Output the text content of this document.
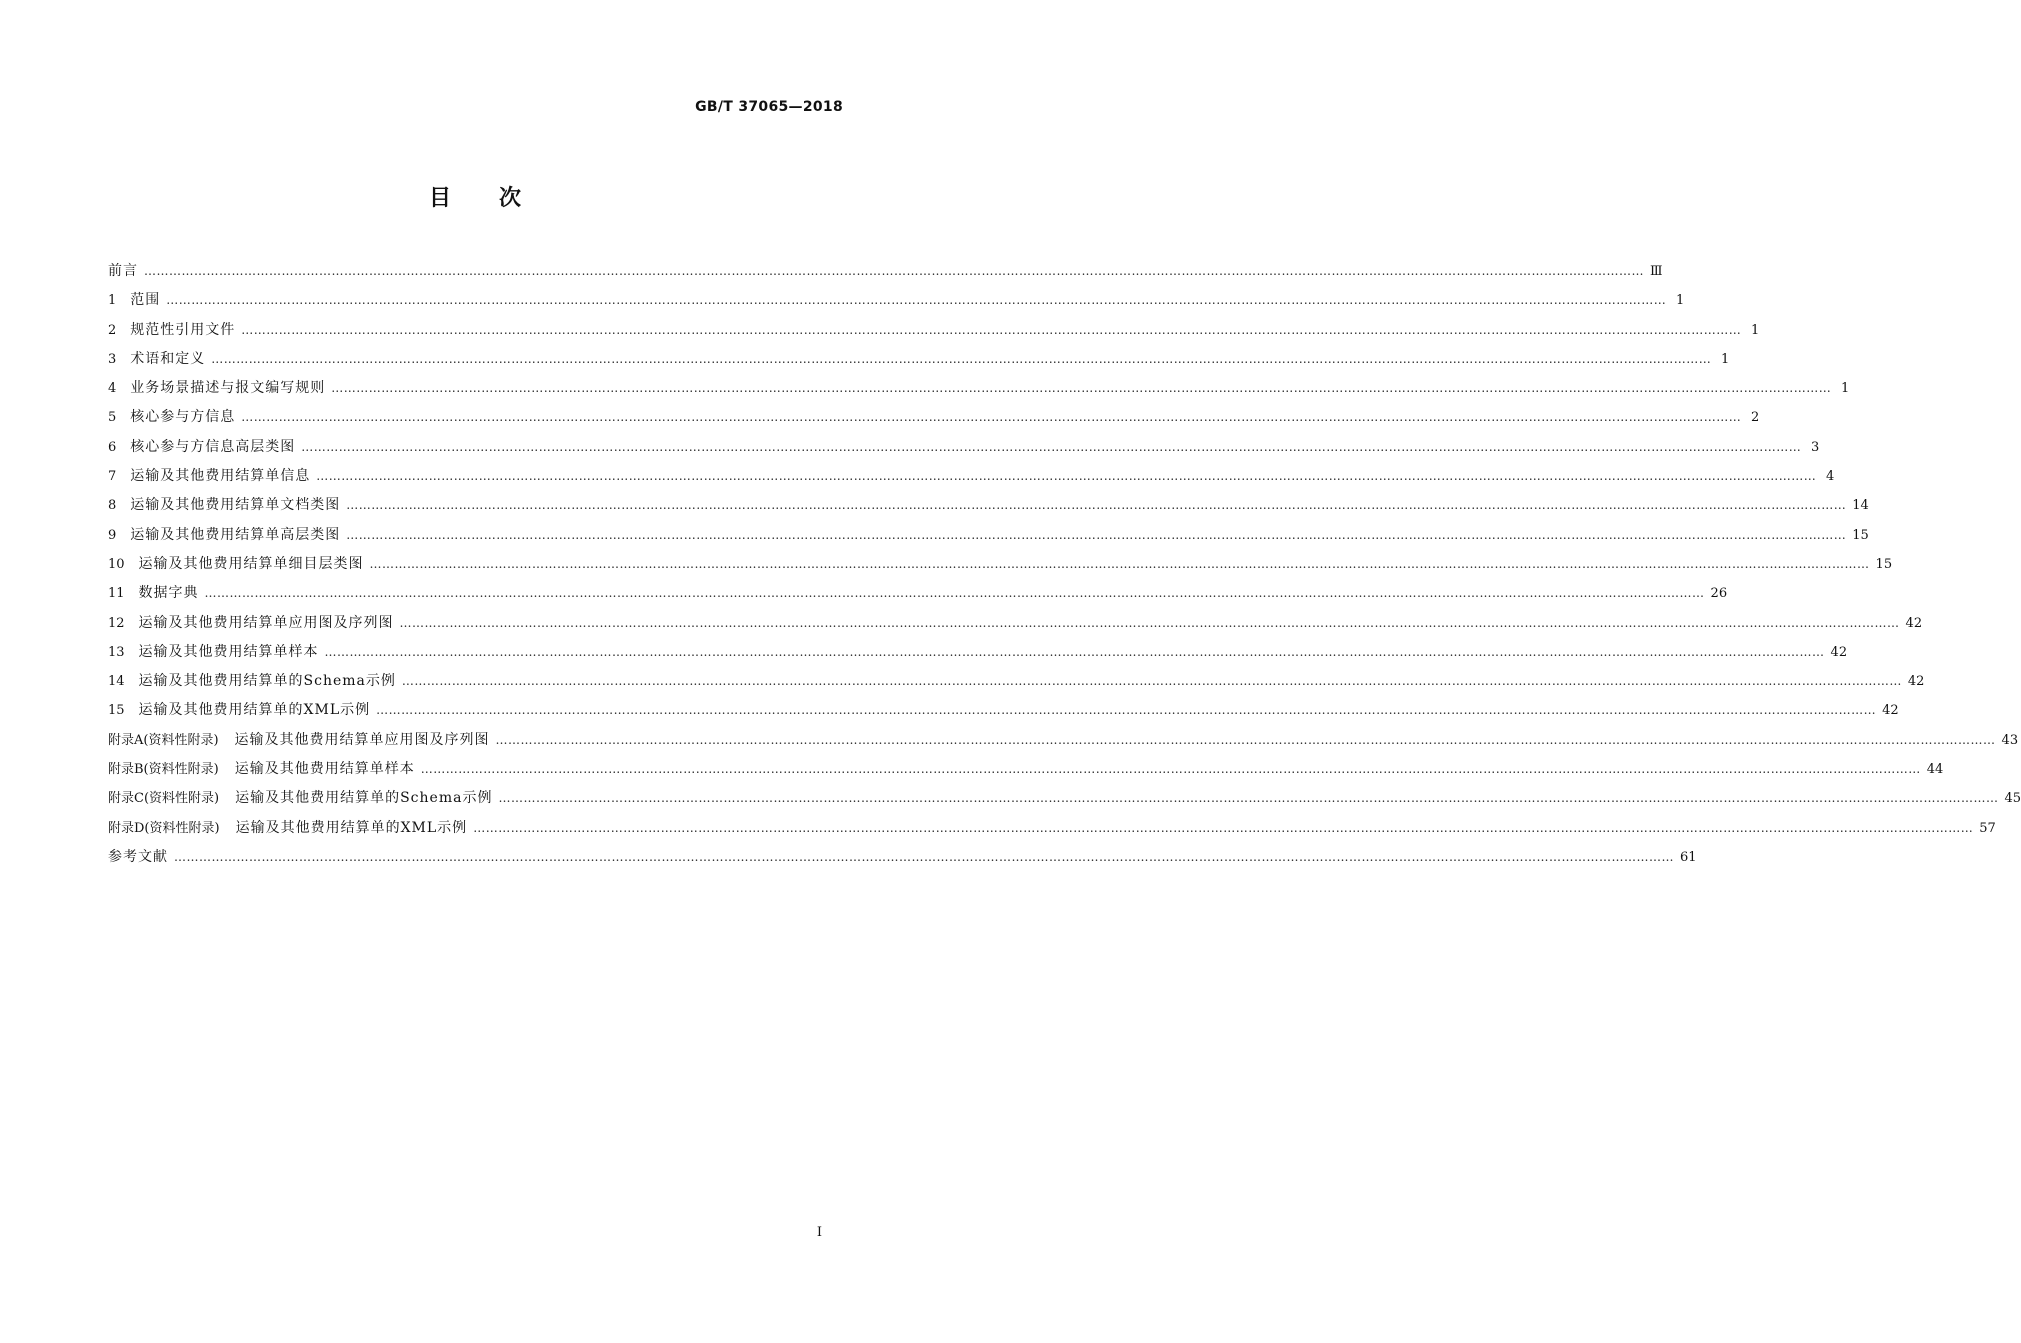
GB/T 37065—2018
目次
前言 ……………………………………………………………………………………………………………………………………………………………………………………………………………………………………………………………………………………………………………………………… Ⅲ
1 范围 ……………………………………………………………………………………………………………………………………………………………………………………………………………………………………………………………………………………………………………………………… 1
2 规范性引用文件 ……………………………………………………………………………………………………………………………………………………………………………………………………………………………………………………………………………………………………………………………… 1
3 术语和定义 ……………………………………………………………………………………………………………………………………………………………………………………………………………………………………………………………………………………………………………………………… 1
4 业务场景描述与报文编写规则 ……………………………………………………………………………………………………………………………………………………………………………………………………………………………………………………………………………………………………………………………… 1
5 核心参与方信息 ……………………………………………………………………………………………………………………………………………………………………………………………………………………………………………………………………………………………………………………………… 2
6 核心参与方信息高层类图 ……………………………………………………………………………………………………………………………………………………………………………………………………………………………………………………………………………………………………………………………… 3
7 运输及其他费用结算单信息 ……………………………………………………………………………………………………………………………………………………………………………………………………………………………………………………………………………………………………………………………… 4
8 运输及其他费用结算单文档类图 ……………………………………………………………………………………………………………………………………………………………………………………………………………………………………………………………………………………………………………………………… 14
9 运输及其他费用结算单高层类图 ……………………………………………………………………………………………………………………………………………………………………………………………………………………………………………………………………………………………………………………………… 15
10 运输及其他费用结算单细目层类图 ……………………………………………………………………………………………………………………………………………………………………………………………………………………………………………………………………………………………………………………………… 15
11 数据字典 ……………………………………………………………………………………………………………………………………………………………………………………………………………………………………………………………………………………………………………………………… 26
12 运输及其他费用结算单应用图及序列图 ……………………………………………………………………………………………………………………………………………………………………………………………………………………………………………………………………………………………………………………………… 42
13 运输及其他费用结算单样本 ……………………………………………………………………………………………………………………………………………………………………………………………………………………………………………………………………………………………………………………………… 42
14 运输及其他费用结算单的Schema示例 ……………………………………………………………………………………………………………………………………………………………………………………………………………………………………………………………………………………………………………………………… 42
15 运输及其他费用结算单的XML示例 ……………………………………………………………………………………………………………………………………………………………………………………………………………………………………………………………………………………………………………………………… 42
附录A(资料性附录) 运输及其他费用结算单应用图及序列图 ……………………………………………………………………………………………………………………………………………………………………………………………………………………………………………………………………………………………………………………………… 43
附录B(资料性附录) 运输及其他费用结算单样本 ……………………………………………………………………………………………………………………………………………………………………………………………………………………………………………………………………………………………………………………………… 44
附录C(资料性附录) 运输及其他费用结算单的Schema示例 ……………………………………………………………………………………………………………………………………………………………………………………………………………………………………………………………………………………………………………………………… 45
附录D(资料性附录) 运输及其他费用结算单的XML示例 ……………………………………………………………………………………………………………………………………………………………………………………………………………………………………………………………………………………………………………………………… 57
参考文献 ……………………………………………………………………………………………………………………………………………………………………………………………………………………………………………………………………………………………………………………………… 61
I
